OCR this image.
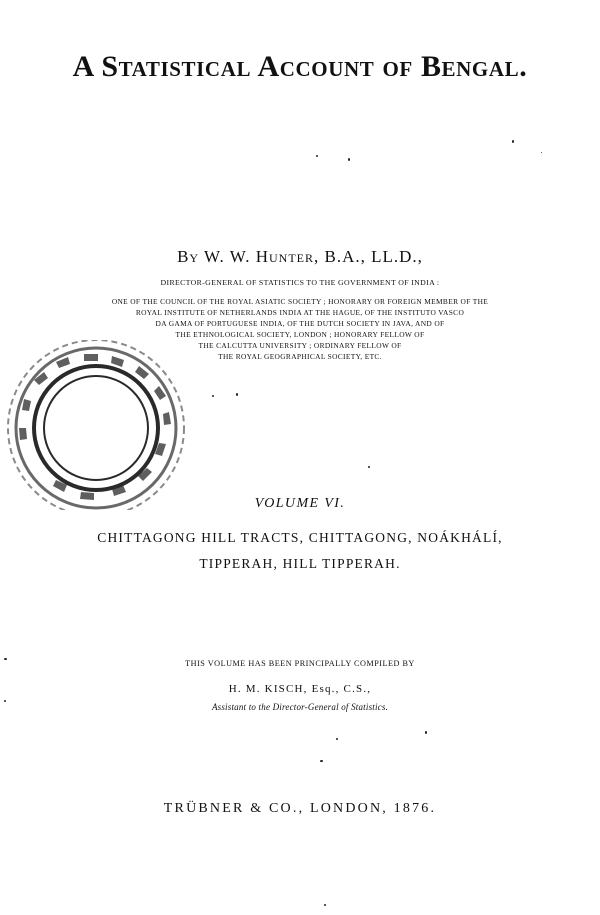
A Statistical Account of Bengal.
By W. W. Hunter, B.A., LL.D.,
DIRECTOR-GENERAL OF STATISTICS TO THE GOVERNMENT OF INDIA :
ONE OF THE COUNCIL OF THE ROYAL ASIATIC SOCIETY ; HONORARY OR FOREIGN MEMBER OF THE
ROYAL INSTITUTE OF NETHERLANDS INDIA AT THE HAGUE, OF THE INSTITUTO VASCO
DA GAMA OF PORTUGUESE INDIA, OF THE DUTCH SOCIETY IN JAVA, AND OF
THE ETHNOLOGICAL SOCIETY, LONDON ; HONORARY FELLOW OF
THE CALCUTTA UNIVERSITY ; ORDINARY FELLOW OF
THE ROYAL GEOGRAPHICAL SOCIETY, ETC.
VOLUME VI.
CHITTAGONG HILL TRACTS, CHITTAGONG, NOÁKHÁLÍ,
TIPPERAH, HILL TIPPERAH.
THIS VOLUME HAS BEEN PRINCIPALLY COMPILED BY
H. M. KISCH, Esq., C.S.,
Assistant to the Director-General of Statistics.
TRÜBNER & CO., LONDON, 1876.
